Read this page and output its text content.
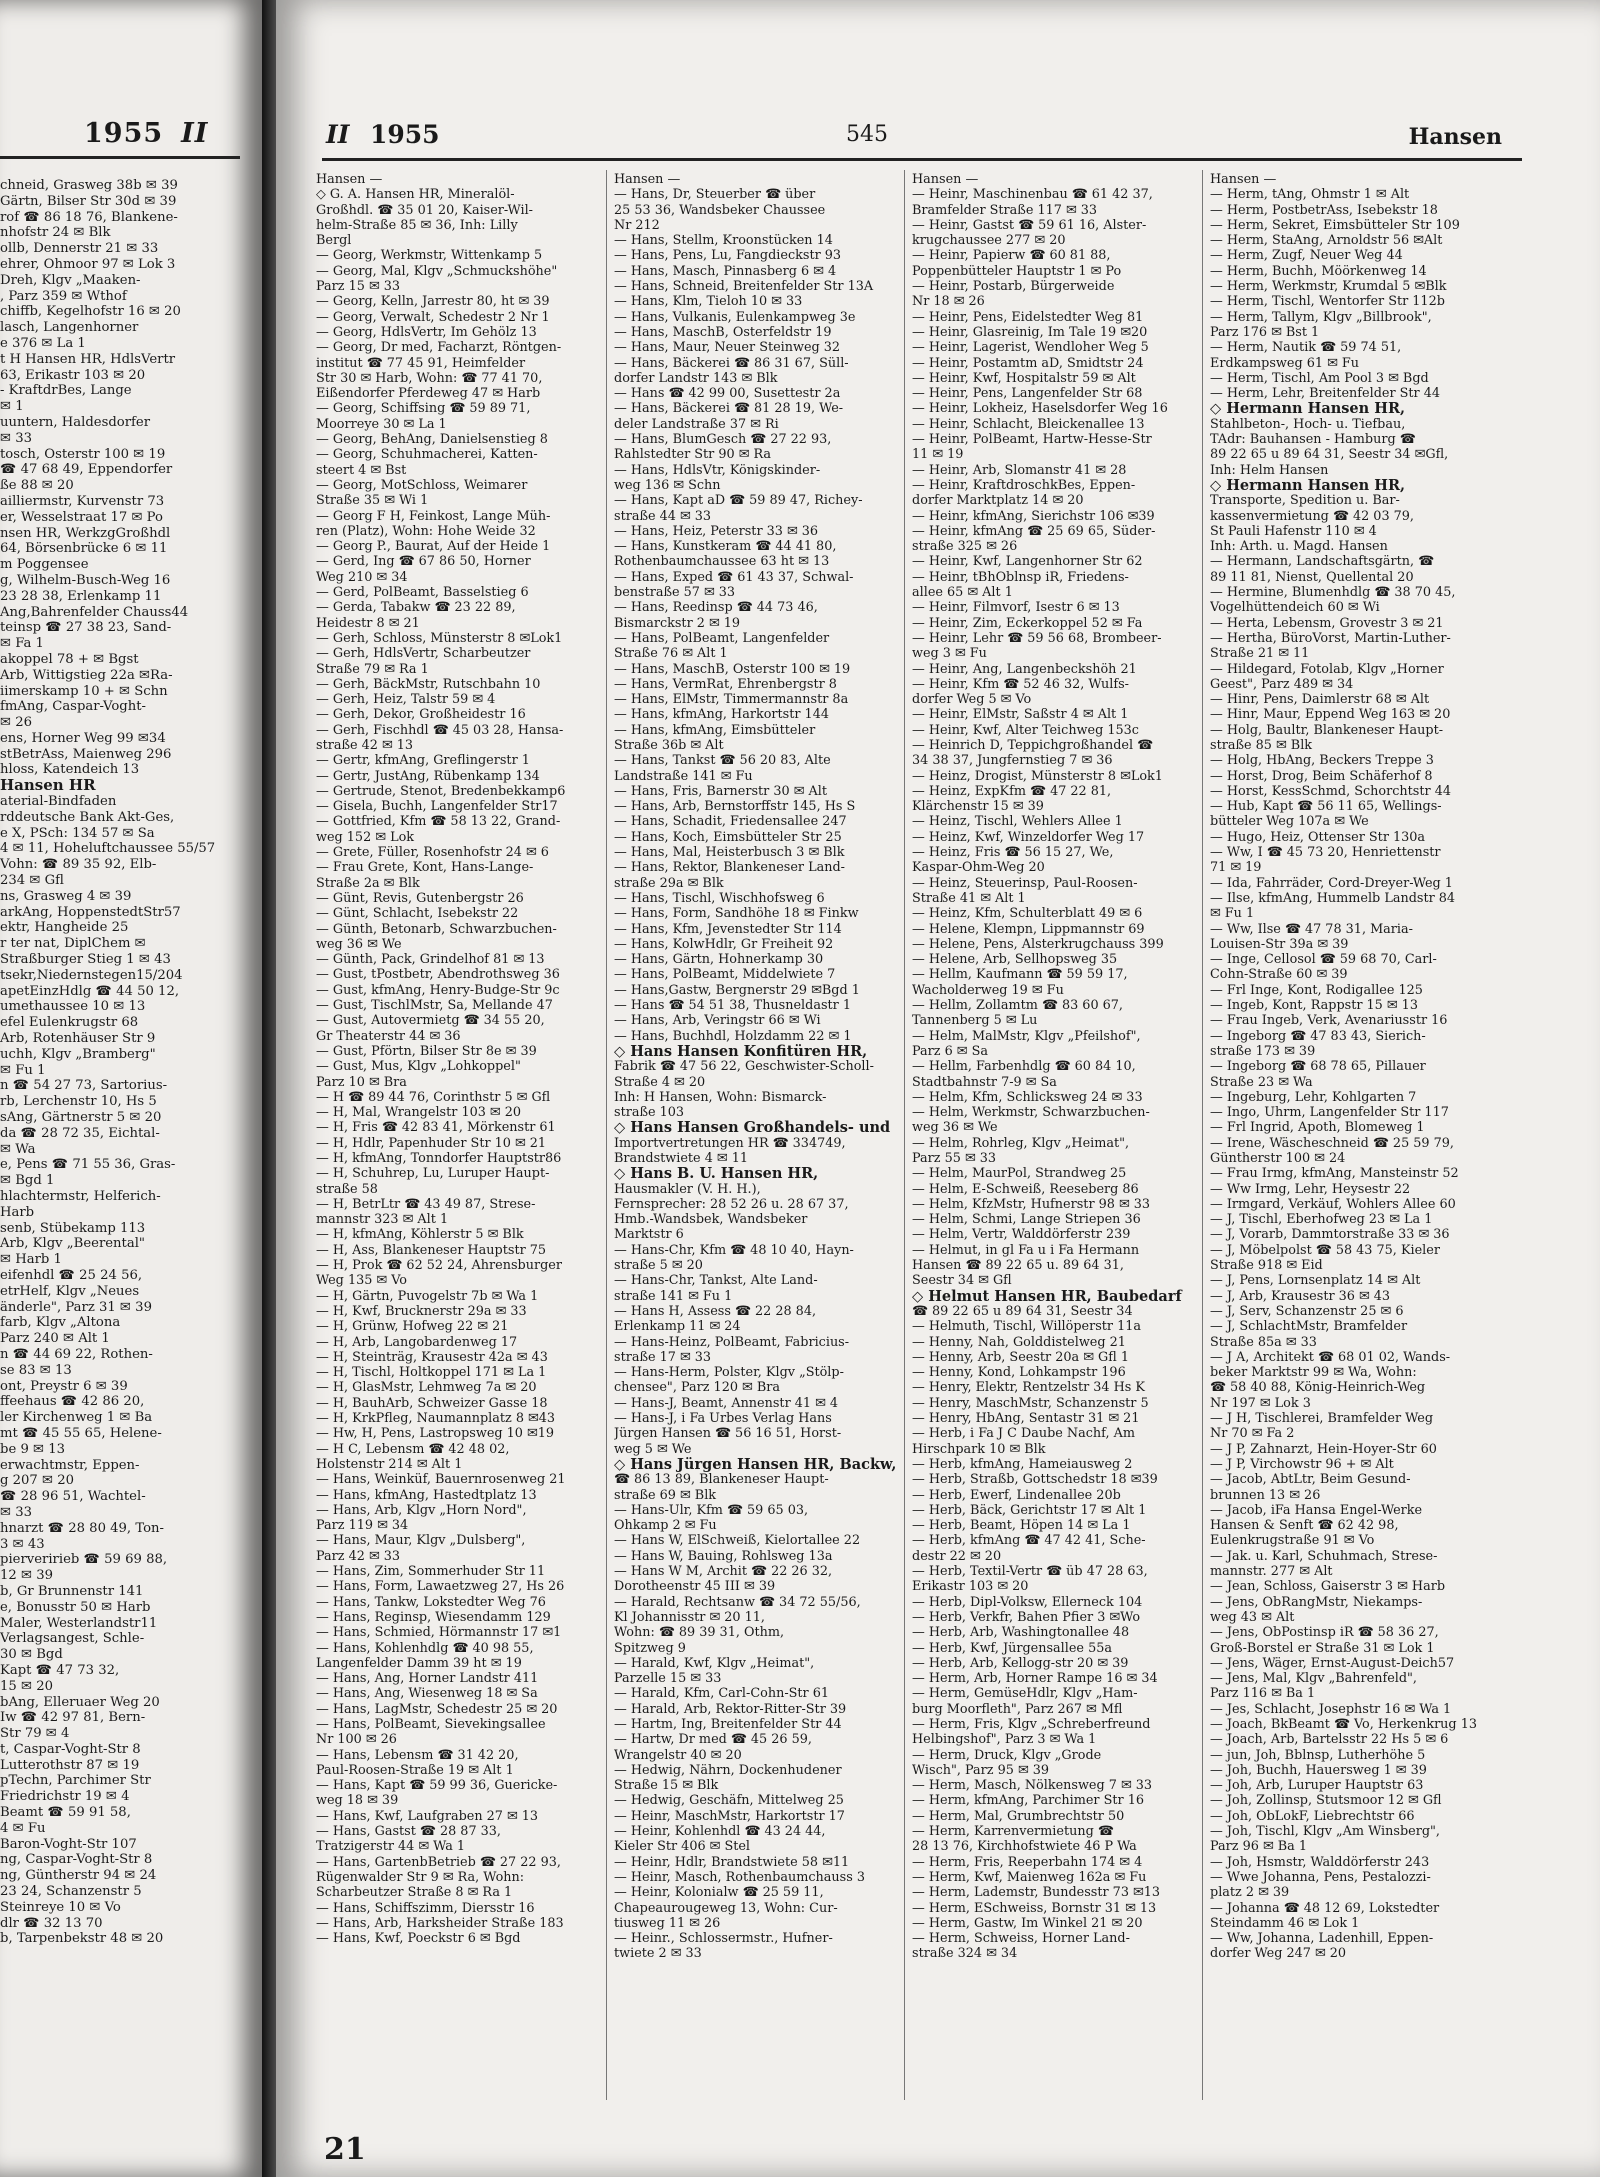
1955 II
chneid, Grasweg 38b ✉ 39
Gärtn, Bilser Str 30d ✉ 39
rof ☎ 86 18 76, Blankene-
nhofstr 24 ✉ Blk
ollb, Dennerstr 21 ✉ 33
ehrer, Ohmoor 97 ✉ Lok 3
Dreh, Klgv „Maaken-
, Parz 359 ✉ Wthof
chiffb, Kegelhofstr 16 ✉ 20
lasch, Langenhorner
e 376 ✉ La 1
t H Hansen HR, HdlsVertr
63, Erikastr 103 ✉ 20
- KraftdrBes, Lange
✉ 1
uuntern, Haldesdorfer
✉ 33
tosch, Osterstr 100 ✉ 19
☎ 47 68 49, Eppendorfer
ße 88 ✉ 20
ailliermstr, Kurvenstr 73
er, Wesselstraat 17 ✉ Po
nsen HR, WerkzgGroßhdl
64, Börsenbrücke 6 ✉ 11
m Poggensee
g, Wilhelm-Busch-Weg 16
23 28 38, Erlenkamp 11
Ang,Bahrenfelder Chauss44
teinsp ☎ 27 38 23, Sand-
✉ Fa 1
akoppel 78 + ✉ Bgst
Arb, Wittigstieg 22a ✉Ra-
iimerskamp 10 + ✉ Schn
fmAng, Caspar-Voght-
✉ 26
ens, Horner Weg 99 ✉34
stBetrAss, Maienweg 296
hloss, Katendeich 13
Hansen HR
aterial-Bindfaden
rddeutsche Bank Akt-Ges,
e X, PSch: 134 57 ✉ Sa
4 ✉ 11, Hoheluftchaussee 55/57
Vohn: ☎ 89 35 92, Elb-
234 ✉ Gfl
ns, Grasweg 4 ✉ 39
arkAng, HoppenstedtStr57
ektr, Hangheide 25
r ter nat, DiplChem ✉
Straßburger Stieg 1 ✉ 43
tsekr,Niedernstegen15/204
apetEinzHdlg ☎ 44 50 12,
umethaussee 10 ✉ 13
efel Eulenkrugstr 68
Arb, Rotenhäuser Str 9
uchh, Klgv „Bramberg"
✉ Fu 1
n ☎ 54 27 73, Sartorius-
rb, Lerchenstr 10, Hs 5
sAng, Gärtnerstr 5 ✉ 20
da ☎ 28 72 35, Eichtal-
✉ Wa
e, Pens ☎ 71 55 36, Gras-
✉ Bgd 1
hlachtermstr, Helferich-
Harb
senb, Stübekamp 113
Arb, Klgv „Beerental"
✉ Harb 1
eifenhdl ☎ 25 24 56,
etrHelf, Klgv „Neues
änderle", Parz 31 ✉ 39
farb, Klgv „Altona
Parz 240 ✉ Alt 1
n ☎ 44 69 22, Rothen-
se 83 ✉ 13
ont, Preystr 6 ✉ 39
ffeehaus ☎ 42 86 20,
ler Kirchenweg 1 ✉ Ba
mt ☎ 45 55 65, Helene-
be 9 ✉ 13
erwachtmstr, Eppen-
g 207 ✉ 20
☎ 28 96 51, Wachtel-
✉ 33
hnarzt ☎ 28 80 49, Ton-
3 ✉ 43
pierveririeb ☎ 59 69 88,
12 ✉ 39
b, Gr Brunnenstr 141
e, Bonusstr 50 ✉ Harb
Maler, Westerlandstr11
Verlagsangest, Schle-
30 ✉ Bgd
Kapt ☎ 47 73 32,
15 ✉ 20
bAng, Elleruaer Weg 20
Iw ☎ 42 97 81, Bern-
Str 79 ✉ 4
t, Caspar-Voght-Str 8
Lutterothstr 87 ✉ 19
pTechn, Parchimer Str
Friedrichstr 19 ✉ 4
Beamt ☎ 59 91 58,
4 ✉ Fu
Baron-Voght-Str 107
ng, Caspar-Voght-Str 8
ng, Güntherstr 94 ✉ 24
23 24, Schanzenstr 5
Steinreye 10 ✉ Vo
dlr ☎ 32 13 70
b, Tarpenbekstr 48 ✉ 20
II 1955	545	Hansen
Hansen —
◇ G. A. Hansen HR, Mineralöl-
Großhdl. ☎ 35 01 20, Kaiser-Wil-
helm-Straße 85 ✉ 36, Inh: Lilly
Bergl
— Georg, Werkmstr, Wittenkamp 5
— Georg, Mal, Klgv „Schmuckshöhe"
Parz 15 ✉ 33
— Georg, Kelln, Jarrestr 80, ht ✉ 39
— Georg, Verwalt, Schedestr 2 Nr 1
— Georg, HdlsVertr, Im Gehölz 13
— Georg, Dr med, Facharzt, Röntgen-
institut ☎ 77 45 91, Heimfelder
Str 30 ✉ Harb, Wohn: ☎ 77 41 70,
Eißendorfer Pferdeweg 47 ✉ Harb
— Georg, Schiffsing ☎ 59 89 71,
Moorreye 30 ✉ La 1
— Georg, BehAng, Danielsenstieg 8
— Georg, Schuhmacherei, Katten-
steert 4 ✉ Bst
— Georg, MotSchloss, Weimarer
Straße 35 ✉ Wi 1
— Georg F H, Feinkost, Lange Müh-
ren (Platz), Wohn: Hohe Weide 32
— Georg P., Baurat, Auf der Heide 1
— Gerd, Ing ☎ 67 86 50, Horner
Weg 210 ✉ 34
— Gerd, PolBeamt, Basselstieg 6
— Gerda, Tabakw ☎ 23 22 89,
Heidestr 8 ✉ 21
— Gerh, Schloss, Münsterstr 8 ✉Lok1
— Gerh, HdlsVertr, Scharbeutzer
Straße 79 ✉ Ra 1
— Gerh, BäckMstr, Rutschbahn 10
— Gerh, Heiz, Talstr 59 ✉ 4
— Gerh, Dekor, Großheidestr 16
— Gerh, Fischhdl ☎ 45 03 28, Hansa-
straße 42 ✉ 13
— Gertr, kfmAng, Greflingerstr 1
— Gertr, JustAng, Rübenkamp 134
— Gertrude, Stenot, Bredenbekkamp6
— Gisela, Buchh, Langenfelder Str17
— Gottfried, Kfm ☎ 58 13 22, Grand-
weg 152 ✉ Lok
— Grete, Füller, Rosenhofstr 24 ✉ 6
— Frau Grete, Kont, Hans-Lange-
Straße 2a ✉ Blk
— Günt, Revis, Gutenbergstr 26
— Günt, Schlacht, Isebekstr 22
— Günth, Betonarb, Schwarzbuchen-
weg 36 ✉ We
— Günth, Pack, Grindelhof 81 ✉ 13
— Gust, tPostbetr, Abendrothsweg 36
— Gust, kfmAng, Henry-Budge-Str 9c
— Gust, TischlMstr, Sa, Mellande 47
— Gust, Autovermietg ☎ 34 55 20,
Gr Theaterstr 44 ✉ 36
— Gust, Pförtn, Bilser Str 8e ✉ 39
— Gust, Mus, Klgv „Lohkoppel"
Parz 10 ✉ Bra
— H ☎ 89 44 76, Corinthstr 5 ✉ Gfl
— H, Mal, Wrangelstr 103 ✉ 20
— H, Fris ☎ 42 83 41, Mörkenstr 61
— H, Hdlr, Papenhuder Str 10 ✉ 21
— H, kfmAng, Tonndorfer Hauptstr86
— H, Schuhrep, Lu, Luruper Haupt-
straße 58
— H, BetrLtr ☎ 43 49 87, Strese-
mannstr 323 ✉ Alt 1
— H, kfmAng, Köhlerstr 5 ✉ Blk
— H, Ass, Blankeneser Hauptstr 75
— H, Prok ☎ 62 52 24, Ahrensburger
Weg 135 ✉ Vo
— H, Gärtn, Puvogelstr 7b ✉ Wa 1
— H, Kwf, Brucknerstr 29a ✉ 33
— H, Grünw, Hofweg 22 ✉ 21
— H, Arb, Langobardenweg 17
— H, Steinträg, Krausestr 42a ✉ 43
— H, Tischl, Holtkoppel 171 ✉ La 1
— H, GlasMstr, Lehmweg 7a ✉ 20
— H, BauhArb, Schweizer Gasse 18
— H, KrkPfleg, Naumannplatz 8 ✉43
— Hw, H, Pens, Lastropsweg 10 ✉19
— H C, Lebensm ☎ 42 48 02,
Holstenstr 214 ✉ Alt 1
— Hans, Weinküf, Bauernrosenweg 21
— Hans, kfmAng, Hastedtplatz 13
— Hans, Arb, Klgv „Horn Nord",
Parz 119 ✉ 34
— Hans, Maur, Klgv „Dulsberg",
Parz 42 ✉ 33
— Hans, Zim, Sommerhuder Str 11
— Hans, Form, Lawaetzweg 27, Hs 26
— Hans, Tankw, Lokstedter Weg 76
— Hans, Reginsp, Wiesendamm 129
— Hans, Schmied, Hörmannstr 17 ✉1
— Hans, Kohlenhdlg ☎ 40 98 55,
Langenfelder Damm 39 ht ✉ 19
— Hans, Ang, Horner Landstr 411
— Hans, Ang, Wiesenweg 18 ✉ Sa
— Hans, LagMstr, Schedestr 25 ✉ 20
— Hans, PolBeamt, Sievekingsallee
Nr 100 ✉ 26
— Hans, Lebensm ☎ 31 42 20,
Paul-Roosen-Straße 19 ✉ Alt 1
— Hans, Kapt ☎ 59 99 36, Guericke-
weg 18 ✉ 39
— Hans, Kwf, Laufgraben 27 ✉ 13
— Hans, Gastst ☎ 28 87 33,
Tratzigerstr 44 ✉ Wa 1
— Hans, GartenbBetrieb ☎ 27 22 93,
Rügenwalder Str 9 ✉ Ra, Wohn:
Scharbeutzer Straße 8 ✉ Ra 1
— Hans, Schiffszimm, Diersstr 16
— Hans, Arb, Harksheider Straße 183
— Hans, Kwf, Poeckstr 6 ✉ Bgd
Hansen —
— Hans, Dr, Steuerber ☎ über
25 53 36, Wandsbeker Chaussee
Nr 212
— Hans, Stellm, Kroonstücken 14
— Hans, Pens, Lu, Fangdieckstr 93
— Hans, Masch, Pinnasberg 6 ✉ 4
— Hans, Schneid, Breitenfelder Str 13A
— Hans, Klm, Tieloh 10 ✉ 33
— Hans, Vulkanis, Eulenkampweg 3e
— Hans, MaschB, Osterfeldstr 19
— Hans, Maur, Neuer Steinweg 32
— Hans, Bäckerei ☎ 86 31 67, Süll-
dorfer Landstr 143 ✉ Blk
— Hans ☎ 42 99 00, Susettestr 2a
— Hans, Bäckerei ☎ 81 28 19, We-
deler Landstraße 37 ✉ Ri
— Hans, BlumGesch ☎ 27 22 93,
Rahlstedter Str 90 ✉ Ra
— Hans, HdlsVtr, Königskinder-
weg 136 ✉ Schn
— Hans, Kapt aD ☎ 59 89 47, Richey-
straße 44 ✉ 33
— Hans, Heiz, Peterstr 33 ✉ 36
— Hans, Kunstkeram ☎ 44 41 80,
Rothenbaumchaussee 63 ht ✉ 13
— Hans, Exped ☎ 61 43 37, Schwal-
benstraße 57 ✉ 33
— Hans, Reedinsp ☎ 44 73 46,
Bismarckstr 2 ✉ 19
— Hans, PolBeamt, Langenfelder
Straße 76 ✉ Alt 1
— Hans, MaschB, Osterstr 100 ✉ 19
— Hans, VermRat, Ehrenbergstr 8
— Hans, ElMstr, Timmermannstr 8a
— Hans, kfmAng, Harkortstr 144
— Hans, kfmAng, Eimsbütteler
Straße 36b ✉ Alt
— Hans, Tankst ☎ 56 20 83, Alte
Landstraße 141 ✉ Fu
— Hans, Fris, Barnerstr 30 ✉ Alt
— Hans, Arb, Bernstorffstr 145, Hs S
— Hans, Schadit, Friedensallee 247
— Hans, Koch, Eimsbütteler Str 25
— Hans, Mal, Heisterbusch 3 ✉ Blk
— Hans, Rektor, Blankeneser Land-
straße 29a ✉ Blk
— Hans, Tischl, Wischhofsweg 6
— Hans, Form, Sandhöhe 18 ✉ Finkw
— Hans, Kfm, Jevenstedter Str 114
— Hans, KolwHdlr, Gr Freiheit 92
— Hans, Gärtn, Hohnerkamp 30
— Hans, PolBeamt, Middelwiete 7
— Hans,Gastw, Bergnerstr 29 ✉Bgd 1
— Hans ☎ 54 51 38, Thusneldastr 1
— Hans, Arb, Veringstr 66 ✉ Wi
— Hans, Buchhdl, Holzdamm 22 ✉ 1
◇ Hans Hansen Konfitüren HR,
Fabrik ☎ 47 56 22, Geschwister-Scholl-
Straße 4 ✉ 20
Inh: H Hansen, Wohn: Bismarck-
straße 103
◇ Hans Hansen Großhandels- und
Importvertretungen HR ☎ 334749,
Brandstwiete 4 ✉ 11
◇ Hans B. U. Hansen HR,
Hausmakler (V. H. H.),
Fernsprecher: 28 52 26 u. 28 67 37,
Hmb.-Wandsbek, Wandsbeker
Marktstr 6
— Hans-Chr, Kfm ☎ 48 10 40, Hayn-
straße 5 ✉ 20
— Hans-Chr, Tankst, Alte Land-
straße 141 ✉ Fu 1
— Hans H, Assess ☎ 22 28 84,
Erlenkamp 11 ✉ 24
— Hans-Heinz, PolBeamt, Fabricius-
straße 17 ✉ 33
— Hans-Herm, Polster, Klgv „Stölp-
chensee", Parz 120 ✉ Bra
— Hans-J, Beamt, Annenstr 41 ✉ 4
— Hans-J, i Fa Urbes Verlag Hans
Jürgen Hansen ☎ 56 16 51, Horst-
weg 5 ✉ We
◇ Hans Jürgen Hansen HR, Backw,
☎ 86 13 89, Blankeneser Haupt-
straße 69 ✉ Blk
— Hans-Ulr, Kfm ☎ 59 65 03,
Ohkamp 2 ✉ Fu
— Hans W, ElSchweiß, Kielortallee 22
— Hans W, Bauing, Rohlsweg 13a
— Hans W M, Archit ☎ 22 26 32,
Dorotheenstr 45 III ✉ 39
— Harald, Rechtsanw ☎ 34 72 55/56,
Kl Johannisstr ✉ 20 11,
Wohn: ☎ 89 39 31, Othm,
Spitzweg 9
— Harald, Kwf, Klgv „Heimat",
Parzelle 15 ✉ 33
— Harald, Kfm, Carl-Cohn-Str 61
— Harald, Arb, Rektor-Ritter-Str 39
— Hartm, Ing, Breitenfelder Str 44
— Hartw, Dr med ☎ 45 26 59,
Wrangelstr 40 ✉ 20
— Hedwig, Nährn, Dockenhudener
Straße 15 ✉ Blk
— Hedwig, Geschäfn, Mittelweg 25
— Heinr, MaschMstr, Harkortstr 17
— Heinr, Kohlenhdl ☎ 43 24 44,
Kieler Str 406 ✉ Stel
— Heinr, Hdlr, Brandstwiete 58 ✉11
— Heinr, Masch, Rothenbaumchauss 3
— Heinr, Kolonialw ☎ 25 59 11,
Chapeaurougeweg 13, Wohn: Cur-
tiusweg 11 ✉ 26
— Heinr., Schlossermstr., Hufner-
twiete 2 ✉ 33
Hansen —
— Heinr, Maschinenbau ☎ 61 42 37,
Bramfelder Straße 117 ✉ 33
— Heinr, Gastst ☎ 59 61 16, Alster-
krugchaussee 277 ✉ 20
— Heinr, Papierw ☎ 60 81 88,
Poppenbütteler Hauptstr 1 ✉ Po
— Heinr, Postarb, Bürgerweide
Nr 18 ✉ 26
— Heinr, Pens, Eidelstedter Weg 81
— Heinr, Glasreinig, Im Tale 19 ✉20
— Heinr, Lagerist, Wendloher Weg 5
— Heinr, Postamtm aD, Smidtstr 24
— Heinr, Kwf, Hospitalstr 59 ✉ Alt
— Heinr, Pens, Langenfelder Str 68
— Heinr, Lokheiz, Haselsdorfer Weg 16
— Heinr, Schlacht, Bleickenallee 13
— Heinr, PolBeamt, Hartw-Hesse-Str
11 ✉ 19
— Heinr, Arb, Slomanstr 41 ✉ 28
— Heinr, KraftdroschkBes, Eppen-
dorfer Marktplatz 14 ✉ 20
— Heinr, kfmAng, Sierichstr 106 ✉39
— Heinr, kfmAng ☎ 25 69 65, Süder-
straße 325 ✉ 26
— Heinr, Kwf, Langenhorner Str 62
— Heinr, tBhOblnsp iR, Friedens-
allee 65 ✉ Alt 1
— Heinr, Filmvorf, Isestr 6 ✉ 13
— Heinr, Zim, Eckerkoppel 52 ✉ Fa
— Heinr, Lehr ☎ 59 56 68, Brombeer-
weg 3 ✉ Fu
— Heinr, Ang, Langenbeckshöh 21
— Heinr, Kfm ☎ 52 46 32, Wulfs-
dorfer Weg 5 ✉ Vo
— Heinr, ElMstr, Saßstr 4 ✉ Alt 1
— Heinr, Kwf, Alter Teichweg 153c
— Heinrich D, Teppichgroßhandel ☎
34 38 37, Jungfernstieg 7 ✉ 36
— Heinz, Drogist, Münsterstr 8 ✉Lok1
— Heinz, ExpKfm ☎ 47 22 81,
Klärchenstr 15 ✉ 39
— Heinz, Tischl, Wehlers Allee 1
— Heinz, Kwf, Winzeldorfer Weg 17
— Heinz, Fris ☎ 56 15 27, We,
Kaspar-Ohm-Weg 20
— Heinz, Steuerinsp, Paul-Roosen-
Straße 41 ✉ Alt 1
— Heinz, Kfm, Schulterblatt 49 ✉ 6
— Helene, Klempn, Lippmannstr 69
— Helene, Pens, Alsterkrugchauss 399
— Helene, Arb, Sellhopsweg 35
— Hellm, Kaufmann ☎ 59 59 17,
Wacholderweg 19 ✉ Fu
— Hellm, Zollamtm ☎ 83 60 67,
Tannenberg 5 ✉ Lu
— Helm, MalMstr, Klgv „Pfeilshof",
Parz 6 ✉ Sa
— Hellm, Farbenhdlg ☎ 60 84 10,
Stadtbahnstr 7-9 ✉ Sa
— Helm, Kfm, Schlicksweg 24 ✉ 33
— Helm, Werkmstr, Schwarzbuchen-
weg 36 ✉ We
— Helm, Rohrleg, Klgv „Heimat",
Parz 55 ✉ 33
— Helm, MaurPol, Strandweg 25
— Helm, E-Schweiß, Reeseberg 86
— Helm, KfzMstr, Hufnerstr 98 ✉ 33
— Helm, Schmi, Lange Striepen 36
— Helm, Vertr, Walddörferstr 239
— Helmut, in gl Fa u i Fa Hermann
Hansen ☎ 89 22 65 u. 89 64 31,
Seestr 34 ✉ Gfl
◇ Helmut Hansen HR, Baubedarf
☎ 89 22 65 u 89 64 31, Seestr 34
— Helmuth, Tischl, Willöperstr 11a
— Henny, Nah, Golddistelweg 21
— Henny, Arb, Seestr 20a ✉ Gfl 1
— Henny, Kond, Lohkampstr 196
— Henry, Elektr, Rentzelstr 34 Hs K
— Henry, MaschMstr, Schanzenstr 5
— Henry, HbAng, Sentastr 31 ✉ 21
— Herb, i Fa J C Daube Nachf, Am
Hirschpark 10 ✉ Blk
— Herb, kfmAng, Hameiausweg 2
— Herb, Straßb, Gottschedstr 18 ✉39
— Herb, Ewerf, Lindenallee 20b
— Herb, Bäck, Gerichtstr 17 ✉ Alt 1
— Herb, Beamt, Höpen 14 ✉ La 1
— Herb, kfmAng ☎ 47 42 41, Sche-
destr 22 ✉ 20
— Herb, Textil-Vertr ☎ üb 47 28 63,
Erikastr 103 ✉ 20
— Herb, Dipl-Volksw, Ellerneck 104
— Herb, Verkfr, Bahen Pfier 3 ✉Wo
— Herb, Arb, Washingtonallee 48
— Herb, Kwf, Jürgensallee 55a
— Herb, Arb, Kellogg-str 20 ✉ 39
— Herm, Arb, Horner Rampe 16 ✉ 34
— Herm, GemüseHdlr, Klgv „Ham-
burg Moorfleth", Parz 267 ✉ Mfl
— Herm, Fris, Klgv „Schreberfreund
Helbingshof", Parz 3 ✉ Wa 1
— Herm, Druck, Klgv „Grode
Wisch", Parz 95 ✉ 39
— Herm, Masch, Nölkensweg 7 ✉ 33
— Herm, kfmAng, Parchimer Str 16
— Herm, Mal, Grumbrechtstr 50
— Herm, Karrenvermietung ☎
28 13 76, Kirchhofstwiete 46 P Wa
— Herm, Fris, Reeperbahn 174 ✉ 4
— Herm, Kwf, Maienweg 162a ✉ Fu
— Herm, Lademstr, Bundesstr 73 ✉13
— Herm, ESchweiss, Bornstr 31 ✉ 13
— Herm, Gastw, Im Winkel 21 ✉ 20
— Herm, Schweiss, Horner Land-
straße 324 ✉ 34
Hansen —
— Herm, tAng, Ohmstr 1 ✉ Alt
— Herm, PostbetrAss, Isebekstr 18
— Herm, Sekret, Eimsbütteler Str 109
— Herm, StaAng, Arnoldstr 56 ✉Alt
— Herm, Zugf, Neuer Weg 44
— Herm, Buchh, Möörkenweg 14
— Herm, Werkmstr, Krumdal 5 ✉Blk
— Herm, Tischl, Wentorfer Str 112b
— Herm, Tallym, Klgv „Billbrook",
Parz 176 ✉ Bst 1
— Herm, Nautik ☎ 59 74 51,
Erdkampsweg 61 ✉ Fu
— Herm, Tischl, Am Pool 3 ✉ Bgd
— Herm, Lehr, Breitenfelder Str 44
◇ Hermann Hansen HR,
Stahlbeton-, Hoch- u. Tiefbau,
TAdr: Bauhansen - Hamburg ☎
89 22 65 u 89 64 31, Seestr 34 ✉Gfl,
Inh: Helm Hansen
◇ Hermann Hansen HR,
Transporte, Spedition u. Bar-
kassenvermietung ☎ 42 03 79,
St Pauli Hafenstr 110 ✉ 4
Inh: Arth. u. Magd. Hansen
— Hermann, Landschaftsgärtn, ☎
89 11 81, Nienst, Quellental 20
— Hermine, Blumenhdlg ☎ 38 70 45,
Vogelhüttendeich 60 ✉ Wi
— Herta, Lebensm, Grovestr 3 ✉ 21
— Hertha, BüroVorst, Martin-Luther-
Straße 21 ✉ 11
— Hildegard, Fotolab, Klgv „Horner
Geest", Parz 489 ✉ 34
— Hinr, Pens, Daimlerstr 68 ✉ Alt
— Hinr, Maur, Eppend Weg 163 ✉ 20
— Holg, Baultr, Blankeneser Haupt-
straße 85 ✉ Blk
— Holg, HbAng, Beckers Treppe 3
— Horst, Drog, Beim Schäferhof 8
— Horst, KessSchmd, Schorchtstr 44
— Hub, Kapt ☎ 56 11 65, Wellings-
bütteler Weg 107a ✉ We
— Hugo, Heiz, Ottenser Str 130a
— Ww, I ☎ 45 73 20, Henriettenstr
71 ✉ 19
— Ida, Fahrräder, Cord-Dreyer-Weg 1
— Ilse, kfmAng, Hummelb Landstr 84
✉ Fu 1
— Ww, Ilse ☎ 47 78 31, Maria-
Louisen-Str 39a ✉ 39
— Inge, Cellosol ☎ 59 68 70, Carl-
Cohn-Straße 60 ✉ 39
— Frl Inge, Kont, Rodigallee 125
— Ingeb, Kont, Rappstr 15 ✉ 13
— Frau Ingeb, Verk, Avenariusstr 16
— Ingeborg ☎ 47 83 43, Sierich-
straße 173 ✉ 39
— Ingeborg ☎ 68 78 65, Pillauer
Straße 23 ✉ Wa
— Ingeburg, Lehr, Kohlgarten 7
— Ingo, Uhrm, Langenfelder Str 117
— Frl Ingrid, Apoth, Blomeweg 1
— Irene, Wäscheschneid ☎ 25 59 79,
Güntherstr 100 ✉ 24
— Frau Irmg, kfmAng, Mansteinstr 52
— Ww Irmg, Lehr, Heysestr 22
— Irmgard, Verkäuf, Wohlers Allee 60
— J, Tischl, Eberhofweg 23 ✉ La 1
— J, Vorarb, Dammtorstraße 33 ✉ 36
— J, Möbelpolst ☎ 58 43 75, Kieler
Straße 918 ✉ Eid
— J, Pens, Lornsenplatz 14 ✉ Alt
— J, Arb, Krausestr 36 ✉ 43
— J, Serv, Schanzenstr 25 ✉ 6
— J, SchlachtMstr, Bramfelder
Straße 85a ✉ 33
— J A, Architekt ☎ 68 01 02, Wands-
beker Marktstr 99 ✉ Wa, Wohn:
☎ 58 40 88, König-Heinrich-Weg
Nr 197 ✉ Lok 3
— J H, Tischlerei, Bramfelder Weg
Nr 70 ✉ Fa 2
— J P, Zahnarzt, Hein-Hoyer-Str 60
— J P, Virchowstr 96 + ✉ Alt
— Jacob, AbtLtr, Beim Gesund-
brunnen 13 ✉ 26
— Jacob, iFa Hansa Engel-Werke
Hansen & Senft ☎ 62 42 98,
Eulenkrugstraße 91 ✉ Vo
— Jak. u. Karl, Schuhmach, Strese-
mannstr. 277 ✉ Alt
— Jean, Schloss, Gaiserstr 3 ✉ Harb
— Jens, ObRangMstr, Niekamps-
weg 43 ✉ Alt
— Jens, ObPostinsp iR ☎ 58 36 27,
Groß-Borstel er Straße 31 ✉ Lok 1
— Jens, Wäger, Ernst-August-Deich57
— Jens, Mal, Klgv „Bahrenfeld",
Parz 116 ✉ Ba 1
— Jes, Schlacht, Josephstr 16 ✉ Wa 1
— Joach, BkBeamt ☎ Vo, Herkenkrug 13
— Joach, Arb, Bartelsstr 22 Hs 5 ✉ 6
— jun, Joh, Bblnsp, Lutherhöhe 5
— Joh, Buchh, Hauersweg 1 ✉ 39
— Joh, Arb, Luruper Hauptstr 63
— Joh, Zollinsp, Stutsmoor 12 ✉ Gfl
— Joh, ObLokF, Liebrechtstr 66
— Joh, Tischl, Klgv „Am Winsberg",
Parz 96 ✉ Ba 1
— Joh, Hsmstr, Walddörferstr 243
— Wwe Johanna, Pens, Pestalozzi-
platz 2 ✉ 39
— Johanna ☎ 48 12 69, Lokstedter
Steindamm 46 ✉ Lok 1
— Ww, Johanna, Ladenhill, Eppen-
dorfer Weg 247 ✉ 20
21
